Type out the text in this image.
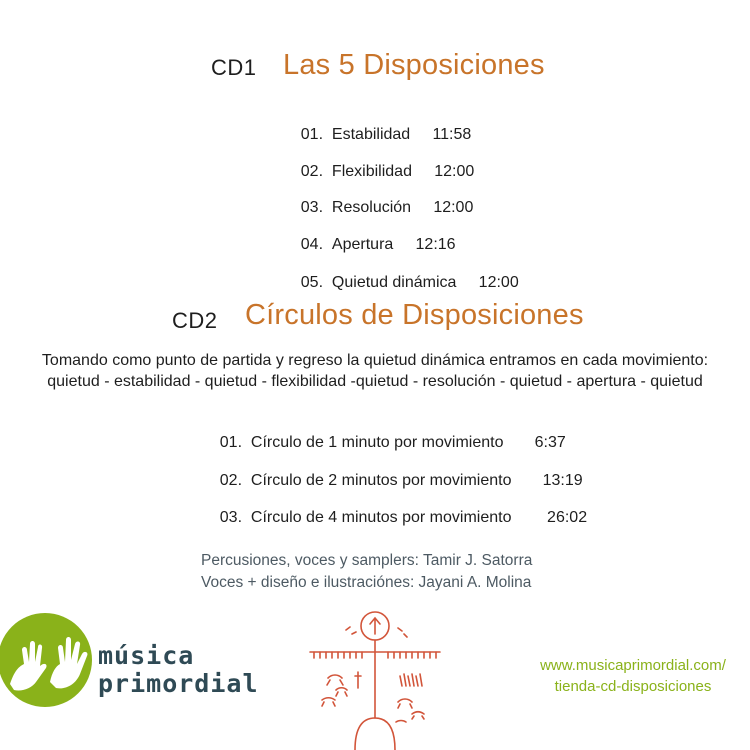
CD1 Las 5 Disposiciones

01. Estabilidad 11:58

02. Flexibilidad 12:00

03. Resolución 12:00

04. Apertura 12:16

05. Quietud dinámica 12:00

CD2 Círculos de Disposiciones
Tomando como punto de partida y regreso la quietud dinámica entramos en cada movimiento:
quietud - estabilidad - quietud - flexibilidad -quietud - resolución - quietud - apertura - quietud

01. Círculo de 1 minuto por movimiento 6:37

02. Círculo de 2 minutos por movimiento 13:19

03. Círculo de 4 minutos por movimiento 26:02

Percusiones, voces y samplers: Tamir J. Satorra
Voces + diseño e ilustraciónes: Jayani A. Molina
música
primordial
www.musicaprimordial.com/
tienda-cd-disposiciones
